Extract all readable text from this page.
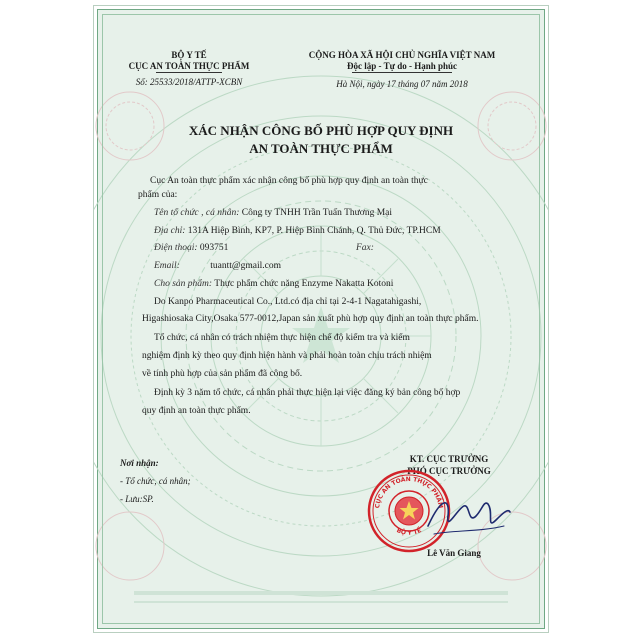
BỘ Y TẾ
CỤC AN TOÀN THỰC PHẨM
Số: 25533/2018/ATTP-XCBN
CỘNG HÒA XÃ HỘI CHỦ NGHĨA VIỆT NAM
Độc lập - Tự do - Hạnh phúc
Hà Nội, ngày 17 tháng 07 năm 2018
XÁC NHẬN CÔNG BỐ PHÙ HỢP QUY ĐỊNH
AN TOÀN THỰC PHẨM
Cục An toàn thực phẩm xác nhận công bố phù hợp quy định an toàn thực
phẩm của:
Tên tổ chức , cá nhân: Công ty TNHH Trần Tuấn Thương Mại
Địa chỉ: 131A Hiệp Bình, KP7, P. Hiệp Bình Chánh, Q. Thủ Đức, TP.HCM
Điện thoại: 093751	Fax:
Email:	tuantt@gmail.com
Cho sản phẩm: Thực phẩm chức năng Enzyme Nakatta Kotoni
Do Kanpo Pharmaceutical Co., Ltd.có địa chỉ tại 2-4-1 Nagatahigashi,
Higashiosaka City,Osaka 577-0012,Japan sản xuất phù hợp quy định an toàn thực phẩm.
Tổ chức, cá nhân có trách nhiệm thực hiện chế độ kiểm tra và kiểm
nghiệm định kỳ theo quy định hiện hành và phải hoàn toàn chịu trách nhiệm
về tính phù hợp của sản phẩm đã công bố.
Định kỳ 3 năm tổ chức, cá nhân phải thực hiện lại việc đăng ký bản công bố hợp
quy định an toàn thực phẩm.
Nơi nhận:
- Tổ chức, cá nhân;
- Lưu:SP.
KT. CỤC TRƯỞNG
PHÓ CỤC TRƯỞNG
CỤC AN TOÀN THỰC PHẨM
BỘ Y TẾ
Lê Văn Giang
